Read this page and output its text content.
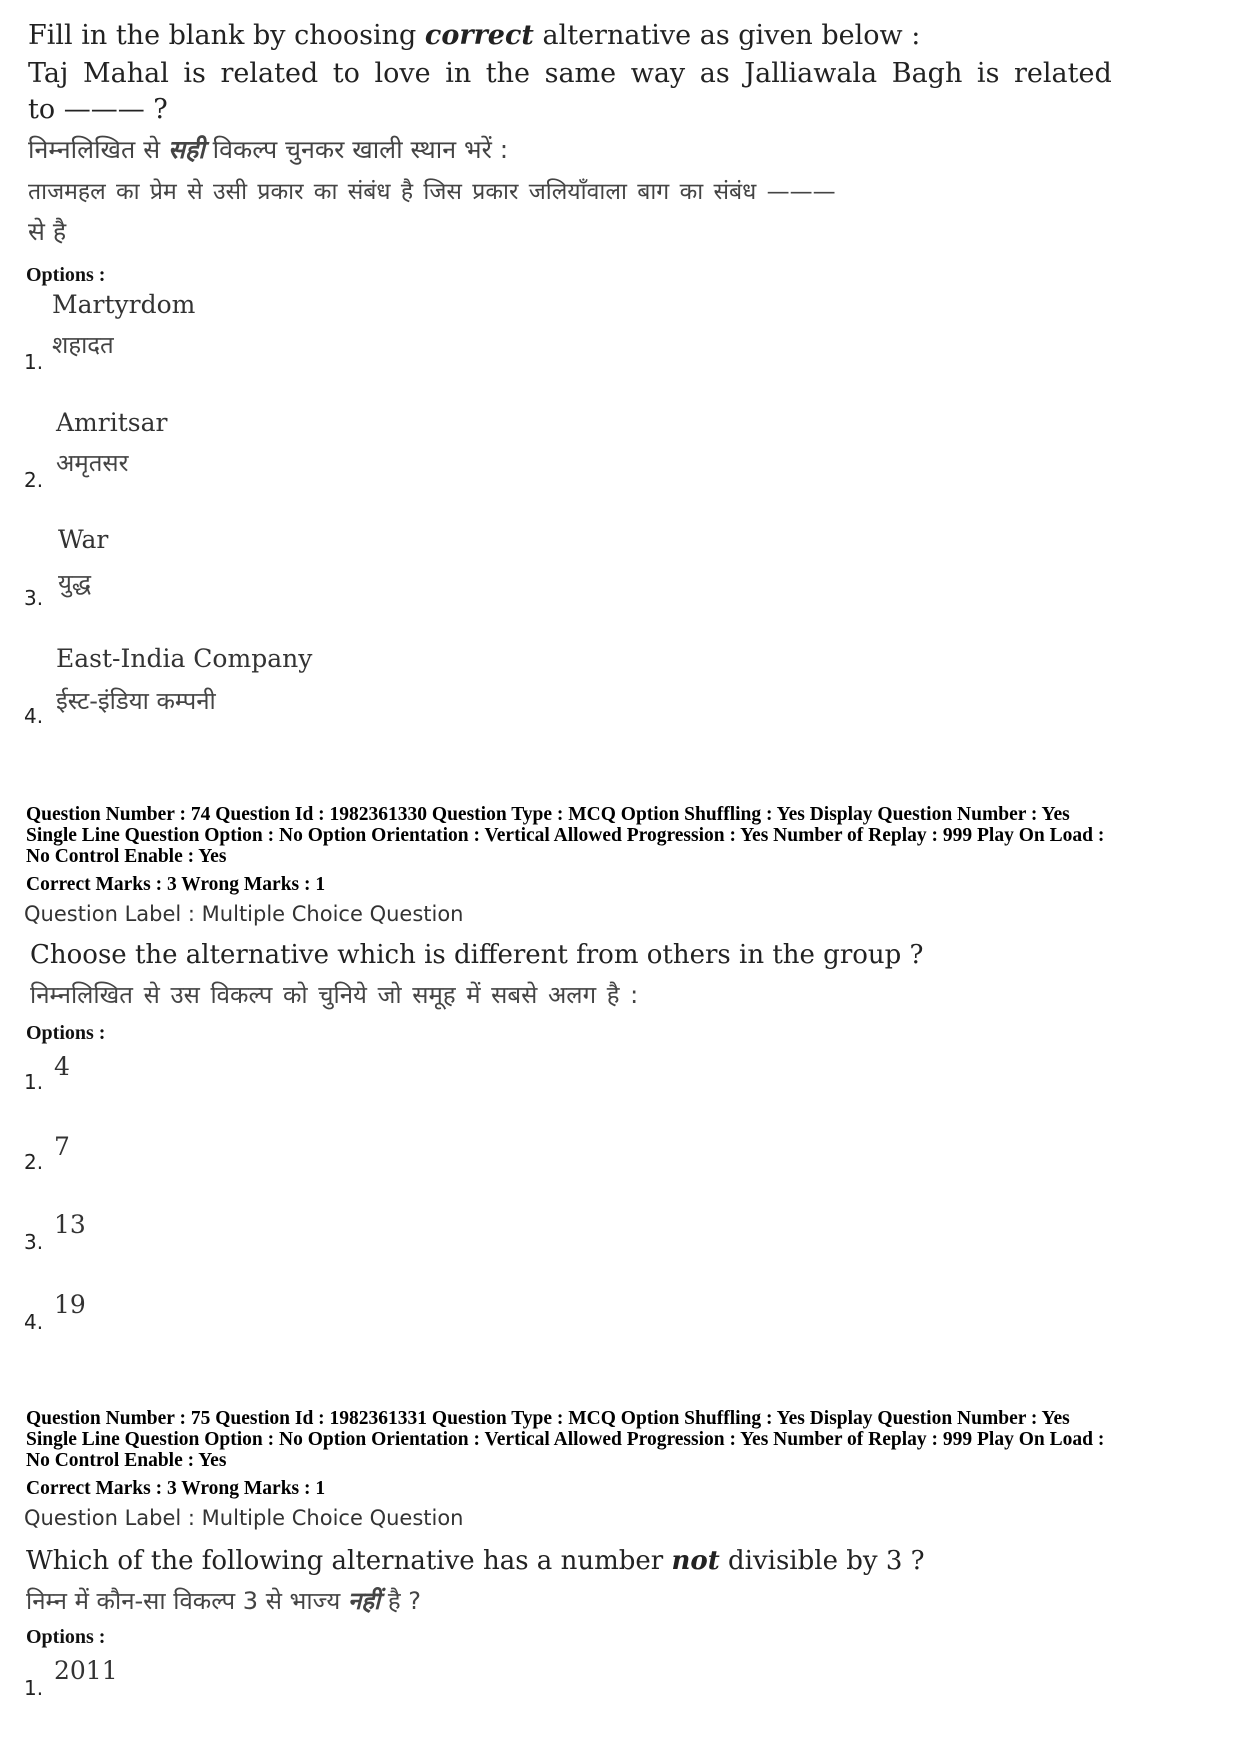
Fill in the blank by choosing correct alternative as given below :
Taj Mahal is related to love in the same way as Jalliawala Bagh is related
to ——— ?
निम्नलिखित से सही विकल्प चुनकर खाली स्थान भरें :
ताजमहल का प्रेम से उसी प्रकार का संबंध है जिस प्रकार जलियाँवाला बाग का संबंध ———
से है
Options :
Martyrdom
शहादत
1.
Amritsar
अमृतसर
2.
War
युद्ध
3.
East-India Company
ईस्ट-इंडिया कम्पनी
4.
Question Number : 74 Question Id : 1982361330 Question Type : MCQ Option Shuffling : Yes Display Question Number : Yes
Single Line Question Option : No Option Orientation : Vertical Allowed Progression : Yes Number of Replay : 999 Play On Load :
No Control Enable : Yes
Correct Marks : 3 Wrong Marks : 1
Question Label : Multiple Choice Question
Choose the alternative which is different from others in the group ?
निम्नलिखित से उस विकल्प को चुनिये जो समूह में सबसे अलग है :
Options :
1.
4
2.
7
3.
13
4.
19
Question Number : 75 Question Id : 1982361331 Question Type : MCQ Option Shuffling : Yes Display Question Number : Yes
Single Line Question Option : No Option Orientation : Vertical Allowed Progression : Yes Number of Replay : 999 Play On Load :
No Control Enable : Yes
Correct Marks : 3 Wrong Marks : 1
Question Label : Multiple Choice Question
Which of the following alternative has a number not divisible by 3 ?
निम्न में कौन-सा विकल्प 3 से भाज्य नहीं है ?
Options :
1.
2011
